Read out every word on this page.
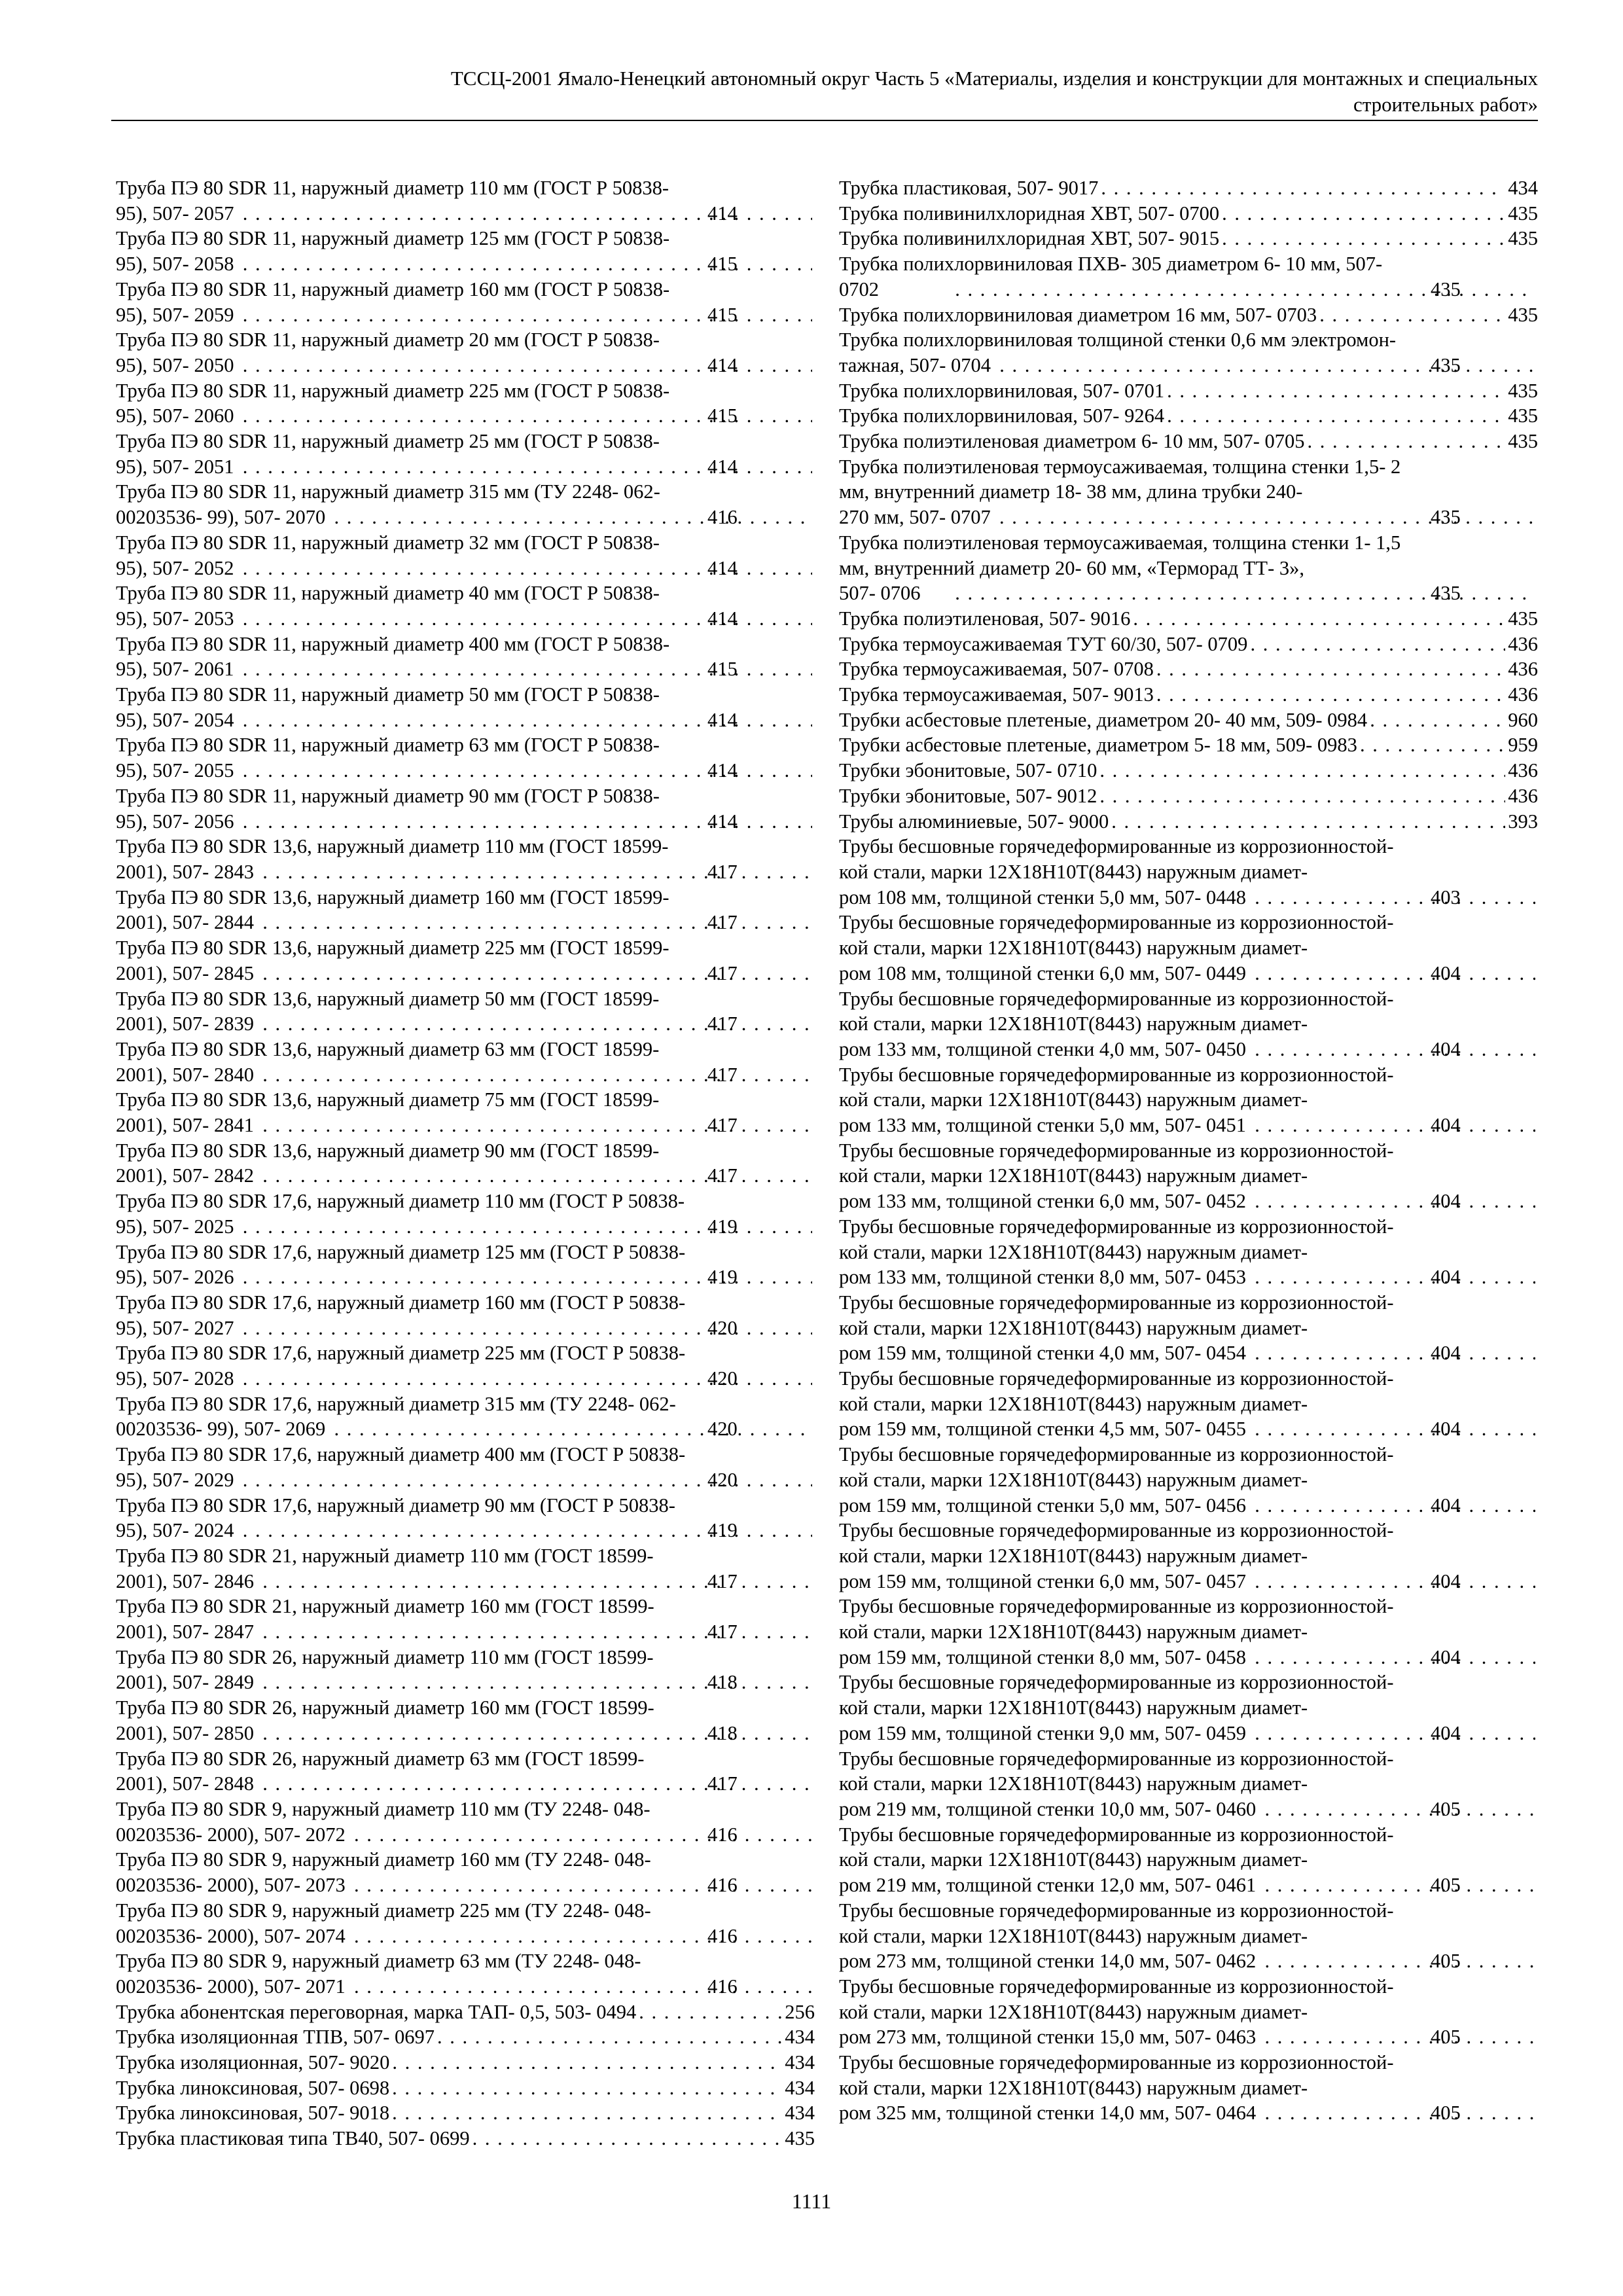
ТССЦ-2001 Ямало-Ненецкий автономный округ Часть 5 «Материалы, изделия и конструкции для монтажных и специальных
строительных работ»
Труба ПЭ 80 SDR 11, наружный диаметр 110 мм (ГОСТ Р 50838-
95), 507- 2057 . . .	414
Труба ПЭ 80 SDR 11, наружный диаметр 125 мм (ГОСТ Р 50838-
95), 507- 2058 . . .	415
Труба ПЭ 80 SDR 11, наружный диаметр 160 мм (ГОСТ Р 50838-
95), 507- 2059 . . .	415
Труба ПЭ 80 SDR 11, наружный диаметр 20 мм (ГОСТ Р 50838-
95), 507- 2050 . . .	414
Труба ПЭ 80 SDR 11, наружный диаметр 225 мм (ГОСТ Р 50838-
95), 507- 2060 . . .	415
Труба ПЭ 80 SDR 11, наружный диаметр 25 мм (ГОСТ Р 50838-
95), 507- 2051 . . .	414
Труба ПЭ 80 SDR 11, наружный диаметр 315 мм (ТУ 2248- 062-
00203536- 99), 507- 2070 . . .	416
Труба ПЭ 80 SDR 11, наружный диаметр 32 мм (ГОСТ Р 50838-
95), 507- 2052 . . .	414
Труба ПЭ 80 SDR 11, наружный диаметр 40 мм (ГОСТ Р 50838-
95), 507- 2053 . . .	414
Труба ПЭ 80 SDR 11, наружный диаметр 400 мм (ГОСТ Р 50838-
95), 507- 2061 . . .	415
Труба ПЭ 80 SDR 11, наружный диаметр 50 мм (ГОСТ Р 50838-
95), 507- 2054 . . .	414
Труба ПЭ 80 SDR 11, наружный диаметр 63 мм (ГОСТ Р 50838-
95), 507- 2055 . . .	414
Труба ПЭ 80 SDR 11, наружный диаметр 90 мм (ГОСТ Р 50838-
95), 507- 2056 . . .	414
Труба ПЭ 80 SDR 13,6, наружный диаметр 110 мм (ГОСТ 18599-
2001), 507- 2843 . . .	417
Труба ПЭ 80 SDR 13,6, наружный диаметр 160 мм (ГОСТ 18599-
2001), 507- 2844 . . .	417
Труба ПЭ 80 SDR 13,6, наружный диаметр 225 мм (ГОСТ 18599-
2001), 507- 2845 . . .	417
Труба ПЭ 80 SDR 13,6, наружный диаметр 50 мм (ГОСТ 18599-
2001), 507- 2839 . . .	417
Труба ПЭ 80 SDR 13,6, наружный диаметр 63 мм (ГОСТ 18599-
2001), 507- 2840 . . .	417
Труба ПЭ 80 SDR 13,6, наружный диаметр 75 мм (ГОСТ 18599-
2001), 507- 2841 . . .	417
Труба ПЭ 80 SDR 13,6, наружный диаметр 90 мм (ГОСТ 18599-
2001), 507- 2842 . . .	417
Труба ПЭ 80 SDR 17,6, наружный диаметр 110 мм (ГОСТ Р 50838-
95), 507- 2025 . . .	419
Труба ПЭ 80 SDR 17,6, наружный диаметр 125 мм (ГОСТ Р 50838-
95), 507- 2026 . . .	419
Труба ПЭ 80 SDR 17,6, наружный диаметр 160 мм (ГОСТ Р 50838-
95), 507- 2027 . . .	420
Труба ПЭ 80 SDR 17,6, наружный диаметр 225 мм (ГОСТ Р 50838-
95), 507- 2028 . . .	420
Труба ПЭ 80 SDR 17,6, наружный диаметр 315 мм (ТУ 2248- 062-
00203536- 99), 507- 2069 . . .	420
Труба ПЭ 80 SDR 17,6, наружный диаметр 400 мм (ГОСТ Р 50838-
95), 507- 2029 . . .	420
Труба ПЭ 80 SDR 17,6, наружный диаметр 90 мм (ГОСТ Р 50838-
95), 507- 2024 . . .	419
Труба ПЭ 80 SDR 21, наружный диаметр 110 мм (ГОСТ 18599-
2001), 507- 2846 . . .	417
Труба ПЭ 80 SDR 21, наружный диаметр 160 мм (ГОСТ 18599-
2001), 507- 2847 . . .	417
Труба ПЭ 80 SDR 26, наружный диаметр 110 мм (ГОСТ 18599-
2001), 507- 2849 . . .	418
Труба ПЭ 80 SDR 26, наружный диаметр 160 мм (ГОСТ 18599-
2001), 507- 2850 . . .	418
Труба ПЭ 80 SDR 26, наружный диаметр 63 мм (ГОСТ 18599-
2001), 507- 2848 . . .	417
Труба ПЭ 80 SDR 9, наружный диаметр 110 мм (ТУ 2248- 048-
00203536- 2000), 507- 2072 . . .	416
Труба ПЭ 80 SDR 9, наружный диаметр 160 мм (ТУ 2248- 048-
00203536- 2000), 507- 2073 . . .	416
Труба ПЭ 80 SDR 9, наружный диаметр 225 мм (ТУ 2248- 048-
00203536- 2000), 507- 2074 . . .	416
Труба ПЭ 80 SDR 9, наружный диаметр 63 мм (ТУ 2248- 048-
00203536- 2000), 507- 2071 . . .	416
Трубка абонентская переговорная, марка ТАП- 0,5, 503- 0494 . . .	256
Трубка изоляционная ТПВ, 507- 0697 . . .	434
Трубка изоляционная, 507- 9020 . . .	434
Трубка линоксиновая, 507- 0698 . . .	434
Трубка линоксиновая, 507- 9018 . . .	434
Трубка пластиковая типа ТВ40, 507- 0699 . . .	435
Трубка пластиковая, 507- 9017 . . .	434
Трубка поливинилхлоридная ХВТ, 507- 0700 . . .	435
Трубка поливинилхлоридная ХВТ, 507- 9015 . . .	435
Трубка полихлорвиниловая ПХВ- 305 диаметром 6- 10 мм, 507-
0702 . . .	435
Трубка полихлорвиниловая диаметром 16 мм, 507- 0703 . . .	435
Трубка полихлорвиниловая толщиной стенки 0,6 мм электромон-
тажная, 507- 0704 . . .	435
Трубка полихлорвиниловая, 507- 0701 . . .	435
Трубка полихлорвиниловая, 507- 9264 . . .	435
Трубка полиэтиленовая диаметром 6- 10 мм, 507- 0705 . . .	435
Трубка полиэтиленовая термоусаживаемая, толщина стенки 1,5- 2
мм, внутренний диаметр 18- 38 мм, длина трубки 240-
270 мм, 507- 0707 . . .	435
Трубка полиэтиленовая термоусаживаемая, толщина стенки 1- 1,5
мм, внутренний диаметр 20- 60 мм, «Терморад ТТ- 3»,
507- 0706 . . .	435
Трубка полиэтиленовая, 507- 9016 . . .	435
Трубка термоусаживаемая ТУТ 60/30, 507- 0709 . . .	436
Трубка термоусаживаемая, 507- 0708 . . .	436
Трубка термоусаживаемая, 507- 9013 . . .	436
Трубки асбестовые плетеные, диаметром 20- 40 мм, 509- 0984 . . .	960
Трубки асбестовые плетеные, диаметром 5- 18 мм, 509- 0983 . . .	959
Трубки эбонитовые, 507- 0710 . . .	436
Трубки эбонитовые, 507- 9012 . . .	436
Трубы алюминиевые, 507- 9000 . . .	393
Трубы бесшовные горячедеформированные из коррозионностой-
кой стали, марки 12Х18Н10Т(8443) наружным диамет-
ром 108 мм, толщиной стенки 5,0 мм, 507- 0448 . . .	403
Трубы бесшовные горячедеформированные из коррозионностой-
кой стали, марки 12Х18Н10Т(8443) наружным диамет-
ром 108 мм, толщиной стенки 6,0 мм, 507- 0449 . . .	404
Трубы бесшовные горячедеформированные из коррозионностой-
кой стали, марки 12Х18Н10Т(8443) наружным диамет-
ром 133 мм, толщиной стенки 4,0 мм, 507- 0450 . . .	404
Трубы бесшовные горячедеформированные из коррозионностой-
кой стали, марки 12Х18Н10Т(8443) наружным диамет-
ром 133 мм, толщиной стенки 5,0 мм, 507- 0451 . . .	404
Трубы бесшовные горячедеформированные из коррозионностой-
кой стали, марки 12Х18Н10Т(8443) наружным диамет-
ром 133 мм, толщиной стенки 6,0 мм, 507- 0452 . . .	404
Трубы бесшовные горячедеформированные из коррозионностой-
кой стали, марки 12Х18Н10Т(8443) наружным диамет-
ром 133 мм, толщиной стенки 8,0 мм, 507- 0453 . . .	404
Трубы бесшовные горячедеформированные из коррозионностой-
кой стали, марки 12Х18Н10Т(8443) наружным диамет-
ром 159 мм, толщиной стенки 4,0 мм, 507- 0454 . . .	404
Трубы бесшовные горячедеформированные из коррозионностой-
кой стали, марки 12Х18Н10Т(8443) наружным диамет-
ром 159 мм, толщиной стенки 4,5 мм, 507- 0455 . . .	404
Трубы бесшовные горячедеформированные из коррозионностой-
кой стали, марки 12Х18Н10Т(8443) наружным диамет-
ром 159 мм, толщиной стенки 5,0 мм, 507- 0456 . . .	404
Трубы бесшовные горячедеформированные из коррозионностой-
кой стали, марки 12Х18Н10Т(8443) наружным диамет-
ром 159 мм, толщиной стенки 6,0 мм, 507- 0457 . . .	404
Трубы бесшовные горячедеформированные из коррозионностой-
кой стали, марки 12Х18Н10Т(8443) наружным диамет-
ром 159 мм, толщиной стенки 8,0 мм, 507- 0458 . . .	404
Трубы бесшовные горячедеформированные из коррозионностой-
кой стали, марки 12Х18Н10Т(8443) наружным диамет-
ром 159 мм, толщиной стенки 9,0 мм, 507- 0459 . . .	404
Трубы бесшовные горячедеформированные из коррозионностой-
кой стали, марки 12Х18Н10Т(8443) наружным диамет-
ром 219 мм, толщиной стенки 10,0 мм, 507- 0460 . . .	405
Трубы бесшовные горячедеформированные из коррозионностой-
кой стали, марки 12Х18Н10Т(8443) наружным диамет-
ром 219 мм, толщиной стенки 12,0 мм, 507- 0461 . . .	405
Трубы бесшовные горячедеформированные из коррозионностой-
кой стали, марки 12Х18Н10Т(8443) наружным диамет-
ром 273 мм, толщиной стенки 14,0 мм, 507- 0462 . . .	405
Трубы бесшовные горячедеформированные из коррозионностой-
кой стали, марки 12Х18Н10Т(8443) наружным диамет-
ром 273 мм, толщиной стенки 15,0 мм, 507- 0463 . . .	405
Трубы бесшовные горячедеформированные из коррозионностой-
кой стали, марки 12Х18Н10Т(8443) наружным диамет-
ром 325 мм, толщиной стенки 14,0 мм, 507- 0464 . . .	405
1111
